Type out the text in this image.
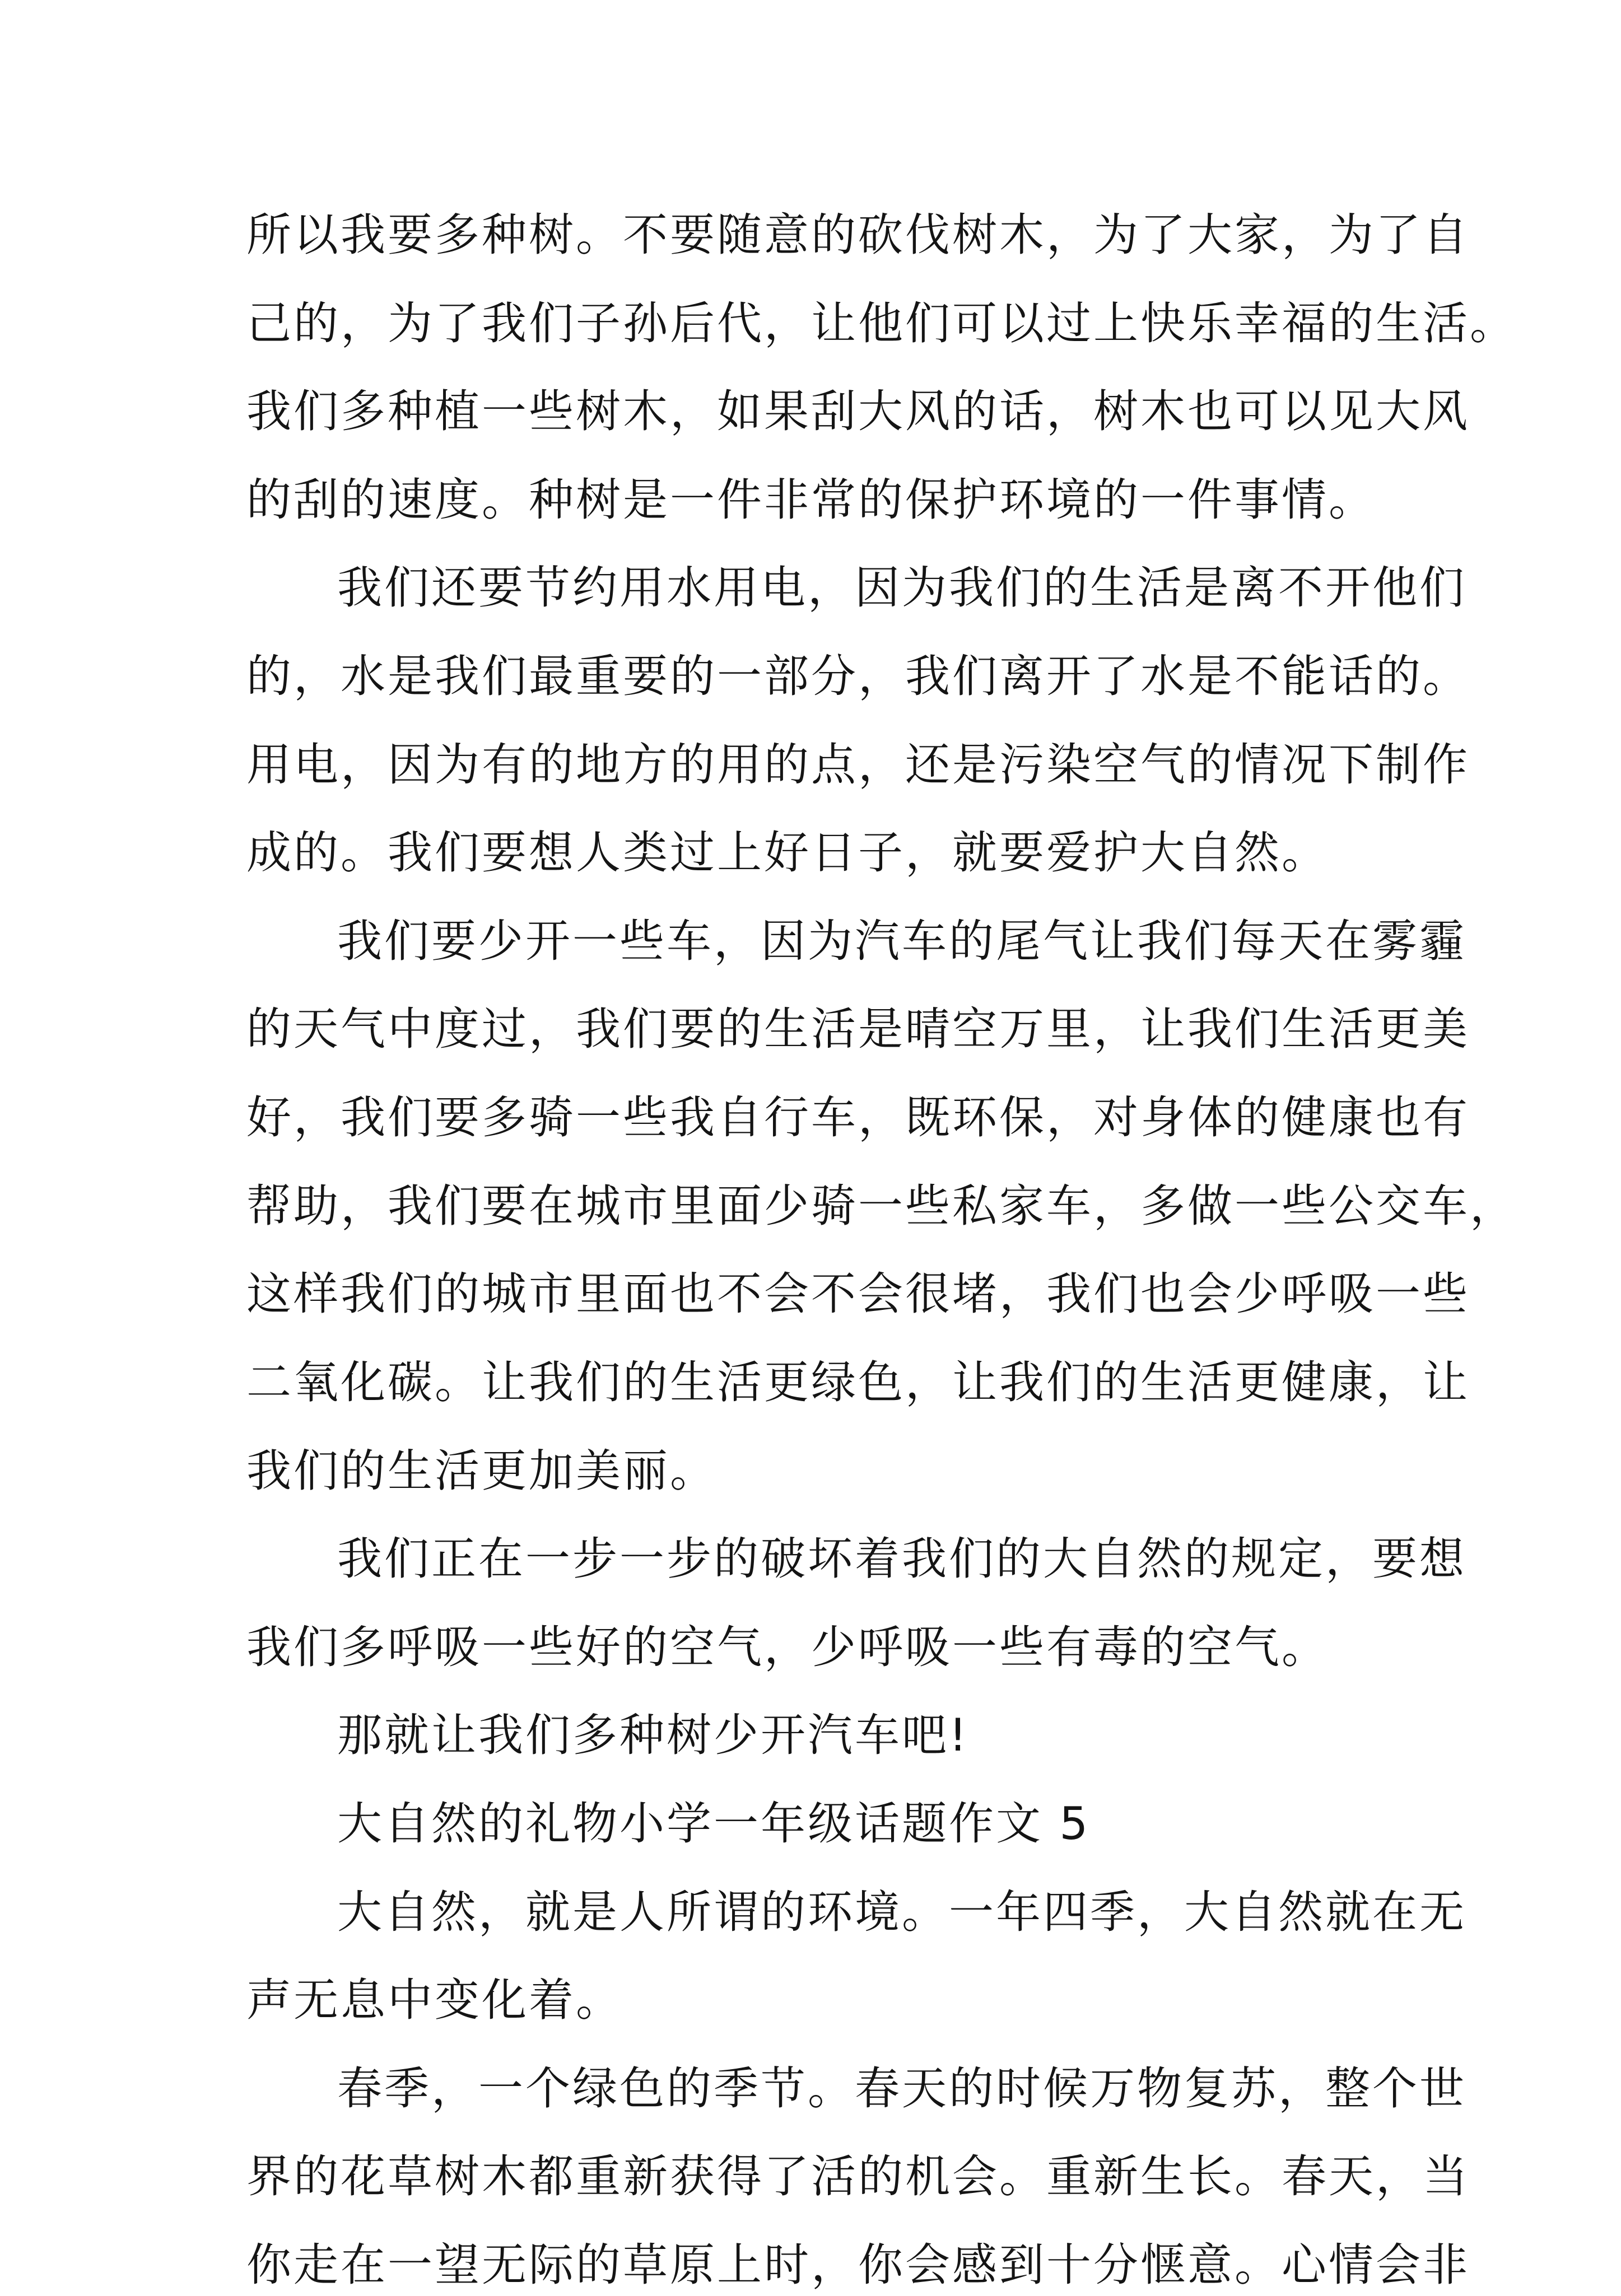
所以我要多种树。不要随意的砍伐树木，为了大家，为了自
己的，为了我们子孙后代，让他们可以过上快乐幸福的生活。
我们多种植一些树木，如果刮大风的话，树木也可以见大风
的刮的速度。种树是一件非常的保护环境的一件事情。
我们还要节约用水用电，因为我们的生活是离不开他们
的，水是我们最重要的一部分，我们离开了水是不能话的。
用电，因为有的地方的用的点，还是污染空气的情况下制作
成的。我们要想人类过上好日子，就要爱护大自然。
我们要少开一些车，因为汽车的尾气让我们每天在雾霾
的天气中度过，我们要的生活是晴空万里，让我们生活更美
好，我们要多骑一些我自行车，既环保，对身体的健康也有
帮助，我们要在城市里面少骑一些私家车，多做一些公交车，
这样我们的城市里面也不会不会很堵，我们也会少呼吸一些
二氧化碳。让我们的生活更绿色，让我们的生活更健康，让
我们的生活更加美丽。
我们正在一步一步的破坏着我们的大自然的规定，要想
我们多呼吸一些好的空气，少呼吸一些有毒的空气。
那就让我们多种树少开汽车吧!
大自然的礼物小学一年级话题作文 5
大自然，就是人所谓的环境。一年四季，大自然就在无
声无息中变化着。
春季，一个绿色的季节。春天的时候万物复苏，整个世
界的花草树木都重新获得了活的机会。重新生长。春天，当
你走在一望无际的草原上时，你会感到十分惬意。心情会非
